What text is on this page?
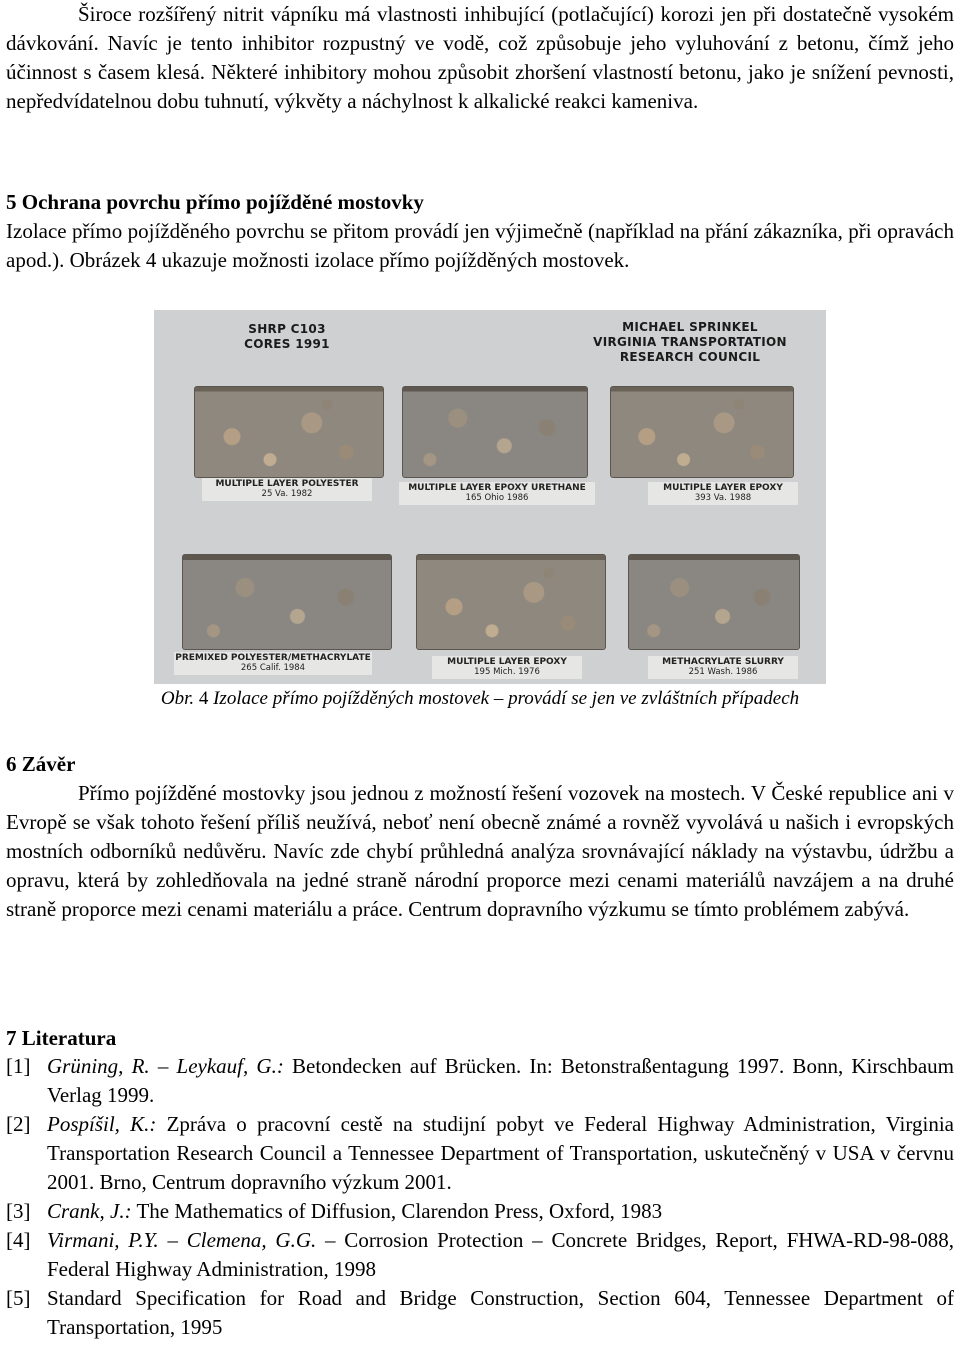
Široce rozšířený nitrit vápníku má vlastnosti inhibující (potlačující) korozi jen při dostatečně vysokém dávkování. Navíc je tento inhibitor rozpustný ve vodě, což způsobuje jeho vyluhování z betonu, čímž jeho účinnost s časem klesá. Některé inhibitory mohou způsobit zhoršení vlastností betonu, jako je snížení pevnosti, nepředvídatelnou dobu tuhnutí, výkvěty a náchylnost k alkalické reakci kameniva.

5 Ochrana povrchu přímo pojížděné mostovky

Izolace přímo pojížděného povrchu se přitom provádí jen výjimečně (například na přání zákazníka, při opravách apod.). Obrázek 4 ukazuje možnosti izolace přímo pojížděných mostovek.

SHRP C103
CORES 1991
MICHAEL SPRINKEL
VIRGINIA TRANSPORTATION
RESEARCH COUNCIL
MULTIPLE LAYER POLYESTER
25 Va. 1982
MULTIPLE LAYER EPOXY URETHANE
165 Ohio 1986
MULTIPLE LAYER EPOXY
393 Va. 1988
PREMIXED POLYESTER/METHACRYLATE
265 Calif. 1984
MULTIPLE LAYER EPOXY
195 Mich. 1976
METHACRYLATE SLURRY
251 Wash. 1986
Obr. 4 Izolace přímo pojížděných mostovek – provádí se jen ve zvláštních případech

6 Závěr

Přímo pojížděné mostovky jsou jednou z možností řešení vozovek na mostech. V České republice ani v Evropě se však tohoto řešení příliš neužívá, neboť není obecně známé a rovněž vyvolává u našich i evropských mostních odborníků nedůvěru. Navíc zde chybí průhledná analýza srovnávající náklady na výstavbu, údržbu a opravu, která by zohledňovala na jedné straně národní proporce mezi cenami materiálů navzájem a na druhé straně proporce mezi cenami materiálu a práce. Centrum dopravního výzkumu se tímto problémem zabývá.

7 Literatura

[1] Grüning, R. – Leykauf, G.: Betondecken auf Brücken. In: Betonstraßentagung 1997. Bonn, Kirschbaum Verlag 1999.
[2] Pospíšil, K.: Zpráva o pracovní cestě na studijní pobyt ve Federal Highway Administration, Virginia Transportation Research Council a Tennessee Department of Transportation, uskutečněný v USA v červnu 2001. Brno, Centrum dopravního výzkum 2001.
[3] Crank, J.: The Mathematics of Diffusion, Clarendon Press, Oxford, 1983
[4] Virmani, P.Y. – Clemena, G.G. – Corrosion Protection – Concrete Bridges, Report, FHWA-RD-98-088, Federal Highway Administration, 1998
[5] Standard Specification for Road and Bridge Construction, Section 604, Tennessee Department of Transportation, 1995
